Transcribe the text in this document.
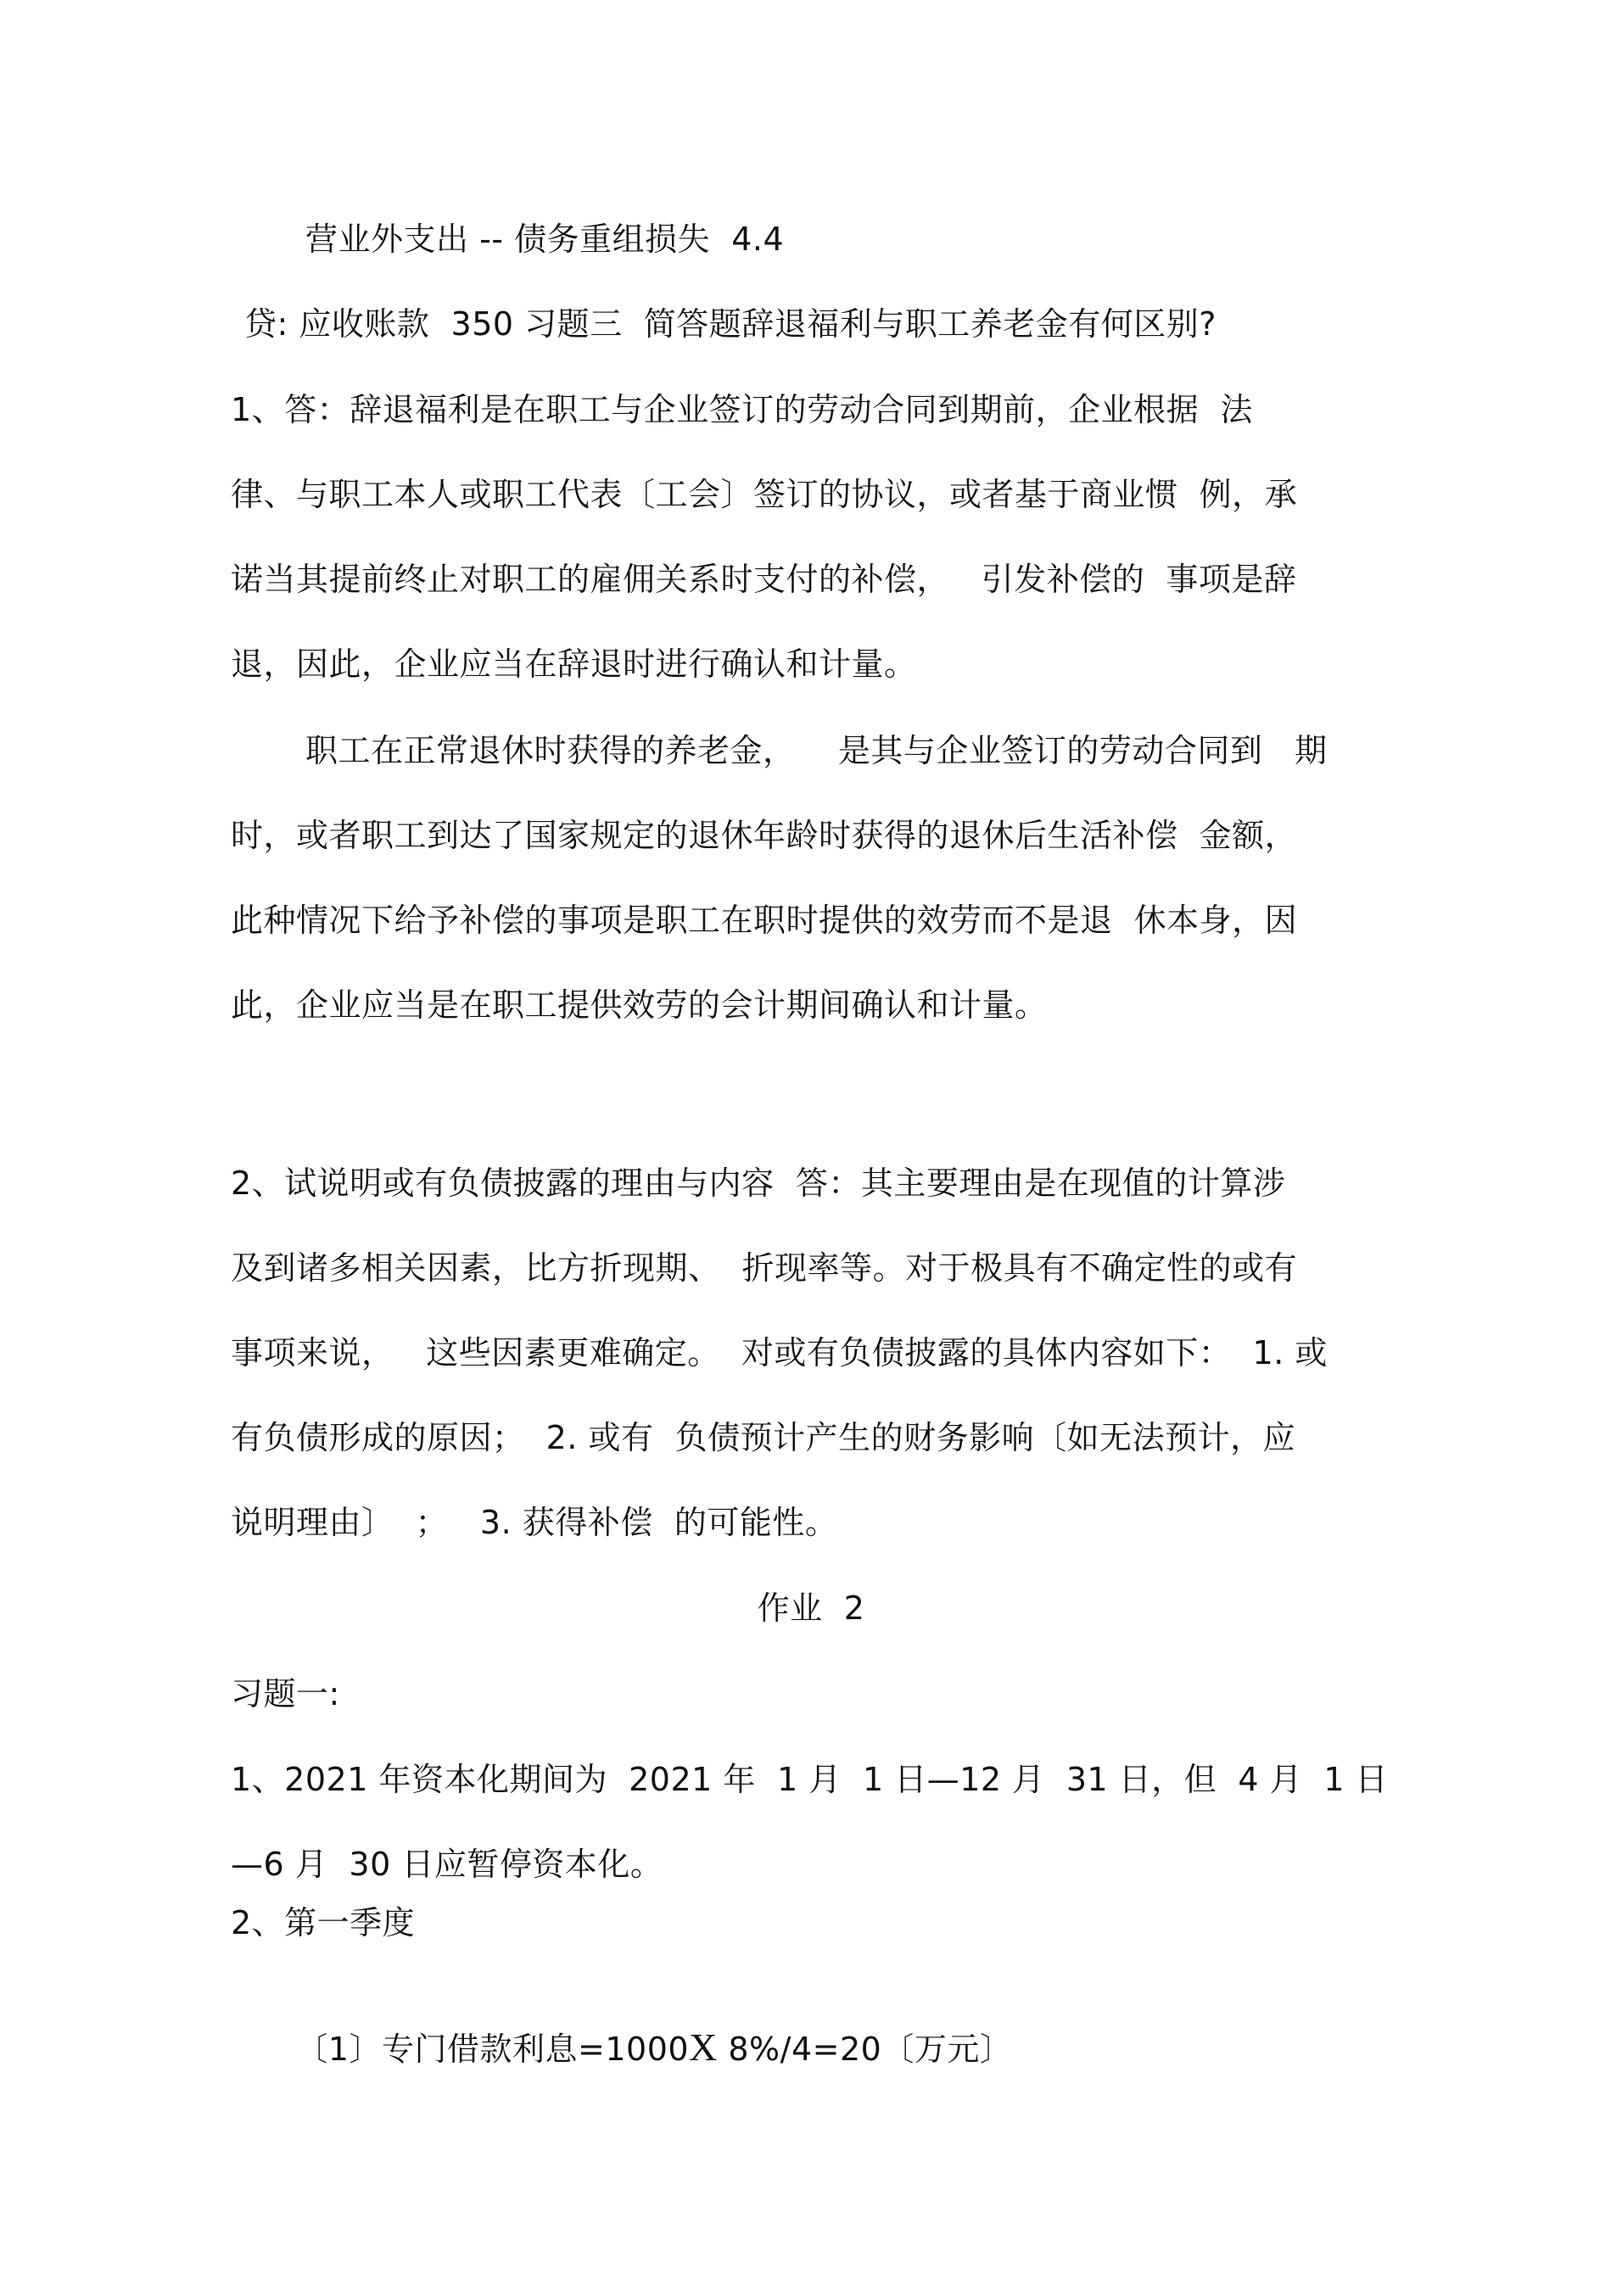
营业外支出 -- 债务重组损失  4.4
贷: 应收账款  350 习题三  简答题辞退福利与职工养老金有何区别?
1、答：辞退福利是在职工与企业签订的劳动合同到期前，企业根据  法
律、与职工本人或职工代表〔工会〕签订的协议，或者基于商业惯  例，承
诺当其提前终止对职工的雇佣关系时支付的补偿，   引发补偿的  事项是辞
退，因此，企业应当在辞退时进行确认和计量。
职工在正常退休时获得的养老金，    是其与企业签订的劳动合同到   期
时，或者职工到达了国家规定的退休年龄时获得的退休后生活补偿  金额，
此种情况下给予补偿的事项是职工在职时提供的效劳而不是退  休本身，因
此，企业应当是在职工提供效劳的会计期间确认和计量。
2、试说明或有负债披露的理由与内容  答：其主要理由是在现值的计算涉
及到诸多相关因素，比方折现期、  折现率等。对于极具有不确定性的或有
事项来说，   这些因素更难确定。  对或有负债披露的具体内容如下：  1. 或
有负债形成的原因；  2. 或有  负债预计产生的财务影响〔如无法预计，应
说明理由〕  ；   3. 获得补偿  的可能性。
作业  2
习题一:
1、2021 年资本化期间为  2021 年  1 月  1 日—12 月  31 日，但  4 月  1 日
—6 月  30 日应暂停资本化。
2、第一季度

〔1〕专门借款利息=1000X 8%/4=20〔万元〕
